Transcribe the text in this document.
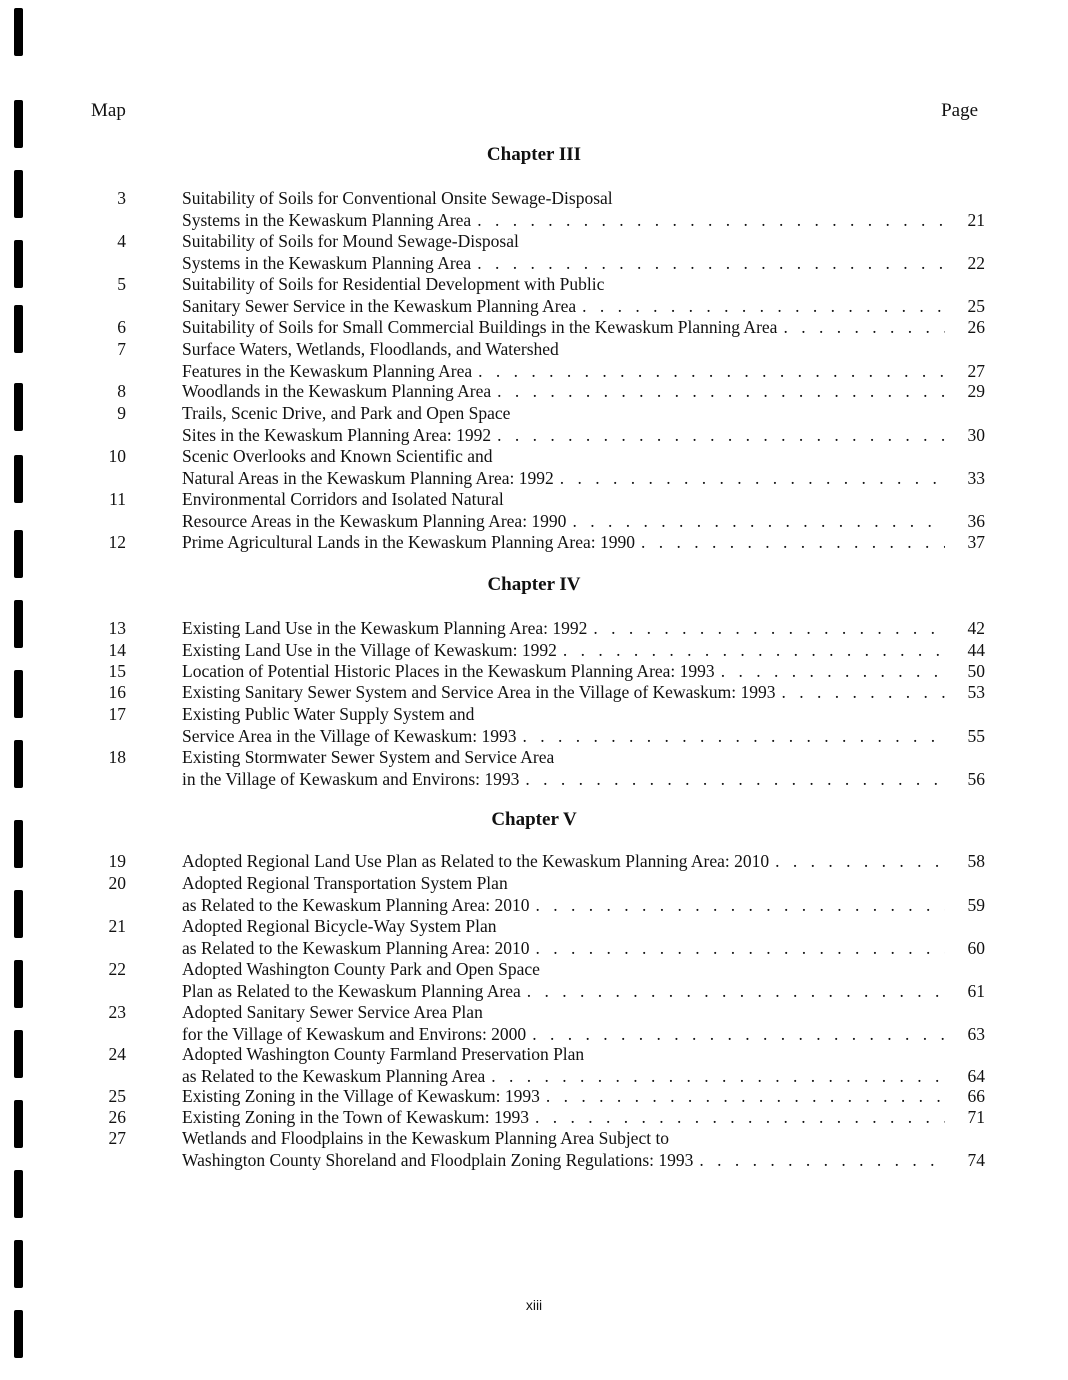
Map	Page
Chapter III
Chapter IV
Chapter V
3	Suitability of Soils for Conventional Onsite Sewage-Disposal
Systems in the Kewaskum Planning Area . . .	21
4	Suitability of Soils for Mound Sewage-Disposal
Systems in the Kewaskum Planning Area . . .	22
5	Suitability of Soils for Residential Development with Public
Sanitary Sewer Service in the Kewaskum Planning Area . . .	25
6	Suitability of Soils for Small Commercial Buildings in the Kewaskum Planning Area . . .	26
7	Surface Waters, Wetlands, Floodlands, and Watershed
Features in the Kewaskum Planning Area . . .	27
8	Woodlands in the Kewaskum Planning Area . . .	29
9	Trails, Scenic Drive, and Park and Open Space
Sites in the Kewaskum Planning Area: 1992 . . .	30
10	Scenic Overlooks and Known Scientific and
Natural Areas in the Kewaskum Planning Area: 1992 . . .	33
11	Environmental Corridors and Isolated Natural
Resource Areas in the Kewaskum Planning Area: 1990 . . .	36
12	Prime Agricultural Lands in the Kewaskum Planning Area: 1990 . . .	37
13	Existing Land Use in the Kewaskum Planning Area: 1992 . . .	42
14	Existing Land Use in the Village of Kewaskum: 1992 . . .	44
15	Location of Potential Historic Places in the Kewaskum Planning Area: 1993 . . .	50
16	Existing Sanitary Sewer System and Service Area in the Village of Kewaskum: 1993 . . .	53
17	Existing Public Water Supply System and
Service Area in the Village of Kewaskum: 1993 . . .	55
18	Existing Stormwater Sewer System and Service Area
in the Village of Kewaskum and Environs: 1993 . . .	56
19	Adopted Regional Land Use Plan as Related to the Kewaskum Planning Area: 2010 . . .	58
20	Adopted Regional Transportation System Plan
as Related to the Kewaskum Planning Area: 2010 . . .	59
21	Adopted Regional Bicycle-Way System Plan
as Related to the Kewaskum Planning Area: 2010 . . .	60
22	Adopted Washington County Park and Open Space
Plan as Related to the Kewaskum Planning Area . . .	61
23	Adopted Sanitary Sewer Service Area Plan
for the Village of Kewaskum and Environs: 2000 . . .	63
24	Adopted Washington County Farmland Preservation Plan
as Related to the Kewaskum Planning Area . . .	64
25	Existing Zoning in the Village of Kewaskum: 1993 . . .	66
26	Existing Zoning in the Town of Kewaskum: 1993 . . .	71
27	Wetlands and Floodplains in the Kewaskum Planning Area Subject to
Washington County Shoreland and Floodplain Zoning Regulations: 1993 . . .	74
xiii
